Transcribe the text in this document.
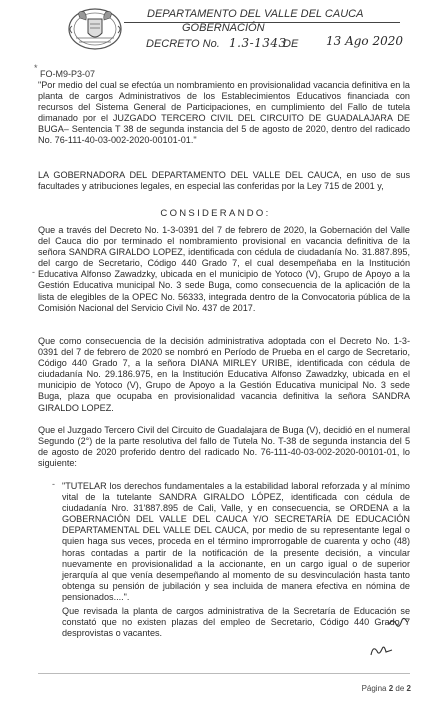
DEPARTAMENTO DEL VALLE DEL CAUCA
GOBERNACIÓN
DECRETO No. 1.3-1343
DE 13 Ago 2020
*
FO-M9-P3-07
"Por medio del cual se efectúa un nombramiento en provisionalidad vacancia definitiva en la planta de cargos Administrativos de los Establecimientos Educativos financiada con recursos del Sistema General de Participaciones, en cumplimiento del Fallo de tutela dimanado por el JUZGADO TERCERO CIVIL DEL CIRCUITO DE GUADALAJARA DE BUGA– Sentencia T 38 de segunda instancia del 5 de agosto de 2020, dentro del radicado No. 76-111-40-03-002-2020-00101-01."
LA GOBERNADORA DEL DEPARTAMENTO DEL VALLE DEL CAUCA, en uso de sus facultades y atribuciones legales, en especial las conferidas por la Ley 715 de 2001 y,
CONSIDERANDO:
Que a través del Decreto No. 1-3-0391 del 7 de febrero de 2020, la Gobernación del Valle del Cauca dio por terminado el nombramiento provisional en vacancia definitiva de la señora SANDRA GIRALDO LOPEZ, identificada con cédula de ciudadanía No. 31.887.895, del cargo de Secretario, Código 440 Grado 7, el cual desempeñaba en la Institución Educativa Alfonso Zawadzky, ubicada en el municipio de Yotoco (V), Grupo de Apoyo a la Gestión Educativa municipal No. 3 sede Buga, como consecuencia de la aplicación de la lista de elegibles de la OPEC No. 56333, integrada dentro de la Convocatoria pública de la Comisión Nacional del Servicio Civil No. 437 de 2017.
-
Que como consecuencia de la decisión administrativa adoptada con el Decreto No. 1-3-0391 del 7 de febrero de 2020 se nombró en Período de Prueba en el cargo de Secretario, Código 440 Grado 7, a la señora DIANA MIRLEY URIBE, identificada con cédula de ciudadanía No. 29.186.975, en la Institución Educativa Alfonso Zawadzky, ubicada en el municipio de Yotoco (V), Grupo de Apoyo a la Gestión Educativa municipal No. 3 sede Buga, plaza que ocupaba en provisionalidad vacancia definitiva la señora SANDRA GIRALDO LOPEZ.
Que el Juzgado Tercero Civil del Circuito de Guadalajara de Buga (V), decidió en el numeral Segundo (2°) de la parte resolutiva del fallo de Tutela No. T-38 de segunda instancia del 5 de agosto de 2020 proferido dentro del radicado No. 76-111-40-03-002-2020-00101-01, lo siguiente:
"TUTELAR los derechos fundamentales a la estabilidad laboral reforzada y al mínimo vital de la tutelante SANDRA GIRALDO LÓPEZ, identificada con cédula de ciudadanía Nro. 31'887.895 de Cali, Valle, y en consecuencia, se ORDENA a la GOBERNACIÓN DEL VALLE DEL CAUCA Y/O SECRETARÍA DE EDUCACIÓN DEPARTAMENTAL DEL VALLE DEL CAUCA, por medio de su representante legal o quien haga sus veces, proceda en el término improrrogable de cuarenta y ocho (48) horas contadas a partir de la notificación de la presente decisión, a vincular nuevamente en provisionalidad a la accionante, en un cargo igual o de superior jerarquía al que venía desempeñando al momento de su desvinculación hasta tanto obtenga su pensión de jubilación y sea incluida de manera efectiva en nómina de pensionados....".
-
Que revisada la planta de cargos administrativa de la Secretaría de Educación se constató que no existen plazas del empleo de Secretario, Código 440 Grado 7 desprovistas o vacantes.
Página 2 de 2
